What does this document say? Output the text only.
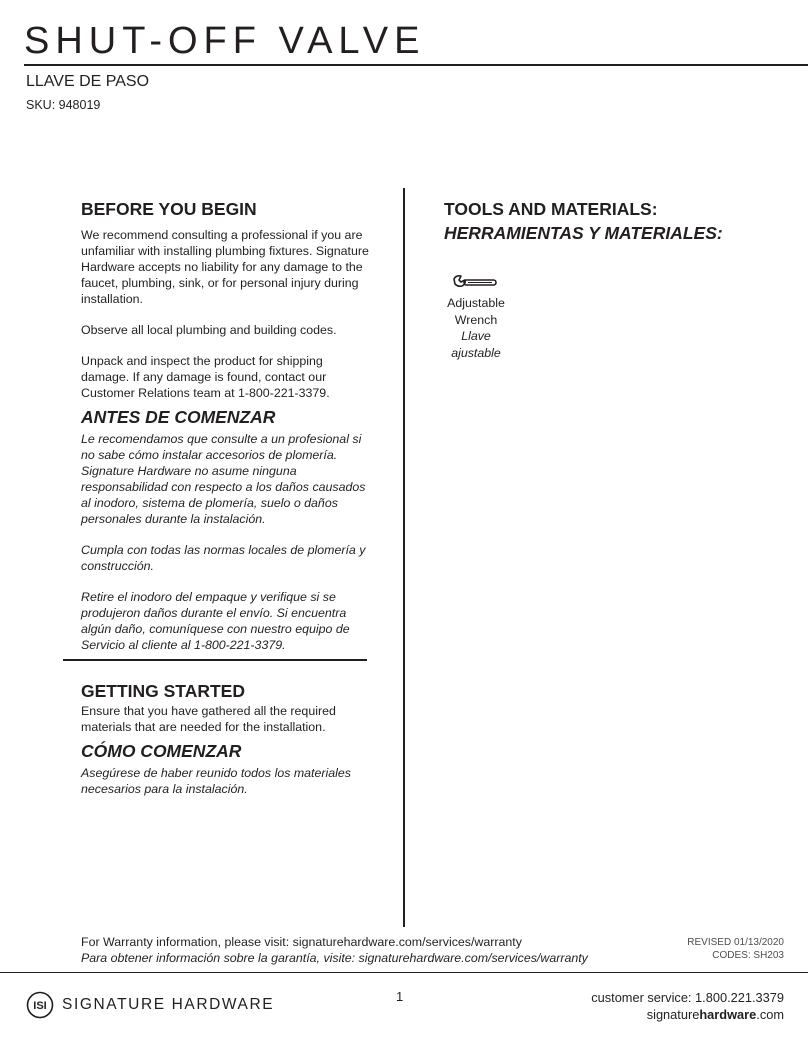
SHUT-OFF VALVE
LLAVE DE PASO
SKU: 948019
BEFORE YOU BEGIN

We recommend consulting a professional if you are unfamiliar with installing plumbing fixtures. Signature Hardware accepts no liability for any damage to the faucet, plumbing, sink, or for personal injury during installation.

Observe all local plumbing and building codes.

Unpack and inspect the product for shipping damage. If any damage is found, contact our Customer Relations team at 1-800-221-3379.

ANTES DE COMENZAR

Le recomendamos que consulte a un profesional si no sabe cómo instalar accesorios de plomería. Signature Hardware no asume ninguna responsabilidad con respecto a los daños causados al inodoro, sistema de plomería, suelo o daños personales durante la instalación.

Cumpla con todas las normas locales de plomería y construcción.

Retire el inodoro del empaque y verifique si se produjeron daños durante el envío. Si encuentra algún daño, comuníquese con nuestro equipo de Servicio al cliente al 1-800-221-3379.

GETTING STARTED

Ensure that you have gathered all the required materials that are needed for the installation.

CÓMO COMENZAR

Asegúrese de haber reunido todos los materiales necesarios para la instalación.

TOOLS AND MATERIALS:
HERRAMIENTAS Y MATERIALES:
Adjustable
Wrench
Llave
ajustable

For Warranty information, please visit: signaturehardware.com/services/warranty

Para obtener información sobre la garantía, visite: signaturehardware.com/services/warranty

REVISED 01/13/2020
CODES: SH203
ISI SIGNATURE HARDWARE	1	customer service: 1.800.221.3379
signaturehardware.com
